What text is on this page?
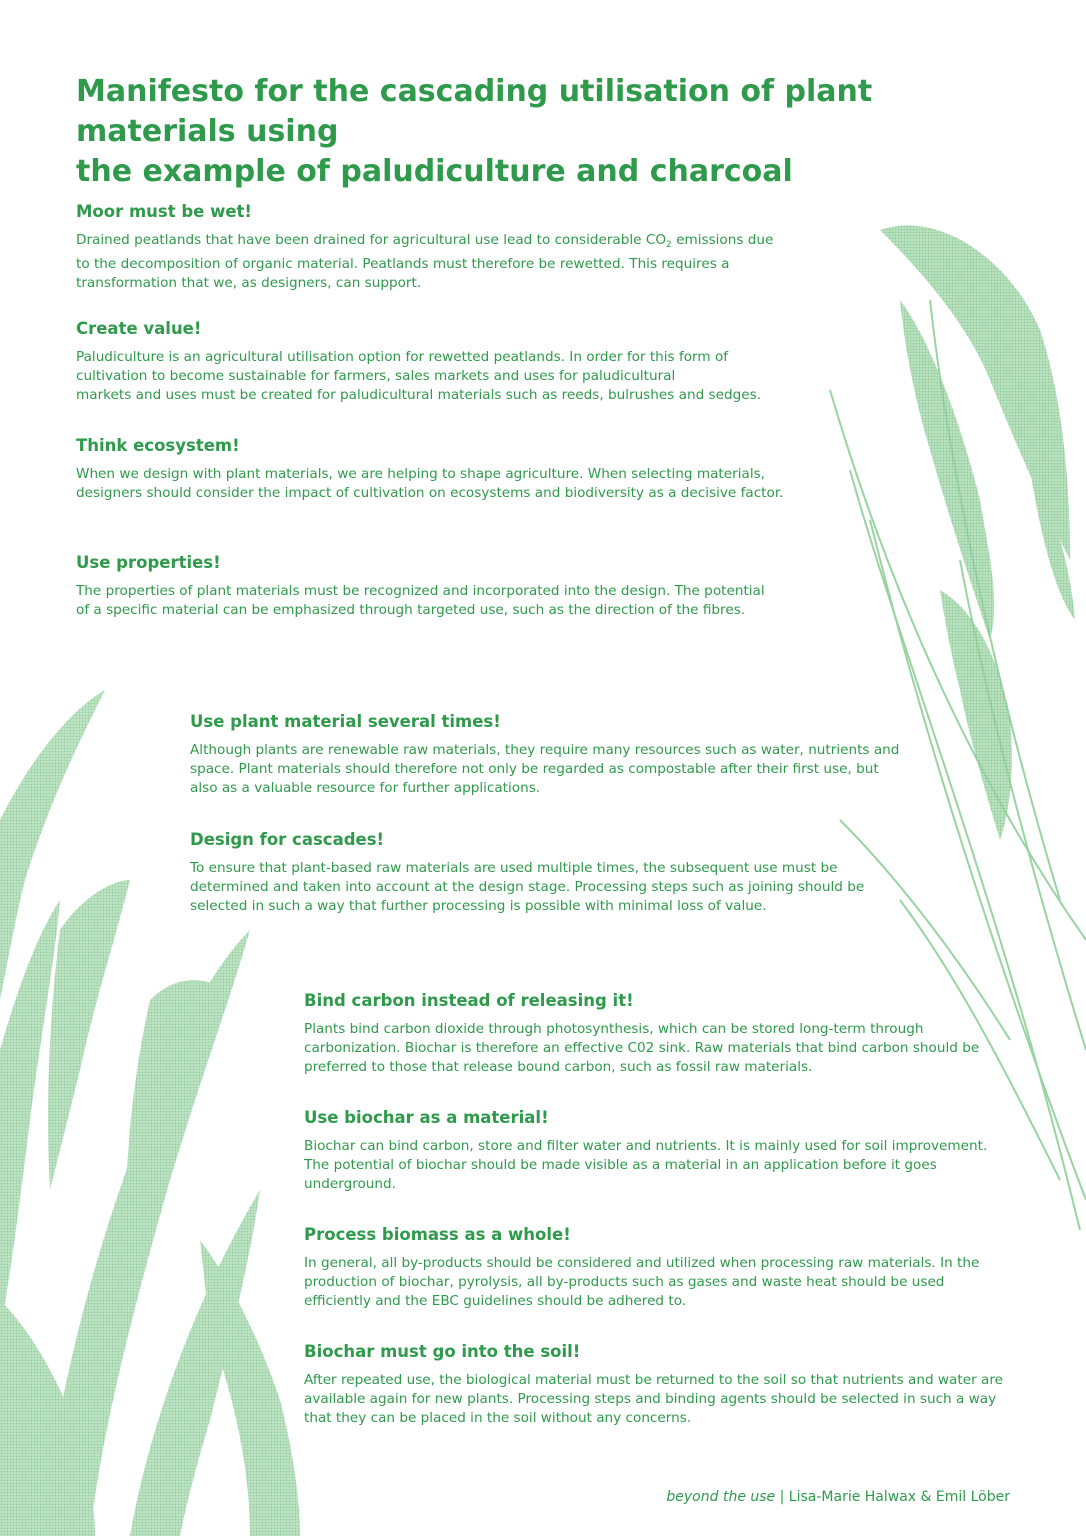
Manifesto for the cascading utilisation of plant materials using
the example of paludiculture and charcoal
Moor must be wet!

Drained peatlands that have been drained for agricultural use lead to considerable $CO_2$ emissions due
to the decomposition of organic material. Peatlands must therefore be rewetted. This requires a
transformation that we, as designers, can support.

Create value!

Paludiculture is an agricultural utilisation option for rewetted peatlands. In order for this form of
cultivation to become sustainable for farmers, sales markets and uses for paludicultural
markets and uses must be created for paludicultural materials such as reeds, bulrushes and sedges.

Think ecosystem!

When we design with plant materials, we are helping to shape agriculture. When selecting materials,
designers should consider the impact of cultivation on ecosystems and biodiversity as a decisive factor.

Use properties!

The properties of plant materials must be recognized and incorporated into the design. The potential
of a specific material can be emphasized through targeted use, such as the direction of the fibres.

Use plant material several times!

Although plants are renewable raw materials, they require many resources such as water, nutrients and
space. Plant materials should therefore not only be regarded as compostable after their first use, but
also as a valuable resource for further applications.

Design for cascades!

To ensure that plant-based raw materials are used multiple times, the subsequent use must be
determined and taken into account at the design stage. Processing steps such as joining should be
selected in such a way that further processing is possible with minimal loss of value.

Bind carbon instead of releasing it!

Plants bind carbon dioxide through photosynthesis, which can be stored long-term through
carbonization. Biochar is therefore an effective C02 sink. Raw materials that bind carbon should be
preferred to those that release bound carbon, such as fossil raw materials.

Use biochar as a material!

Biochar can bind carbon, store and filter water and nutrients. It is mainly used for soil improvement.
The potential of biochar should be made visible as a material in an application before it goes
underground.

Process biomass as a whole!

In general, all by-products should be considered and utilized when processing raw materials. In the
production of biochar, pyrolysis, all by-products such as gases and waste heat should be used
efficiently and the EBC guidelines should be adhered to.

Biochar must go into the soil!

After repeated use, the biological material must be returned to the soil so that nutrients and water are
available again for new plants. Processing steps and binding agents should be selected in such a way
that they can be placed in the soil without any concerns.

beyond the use | Lisa-Marie Halwax & Emil Löber
